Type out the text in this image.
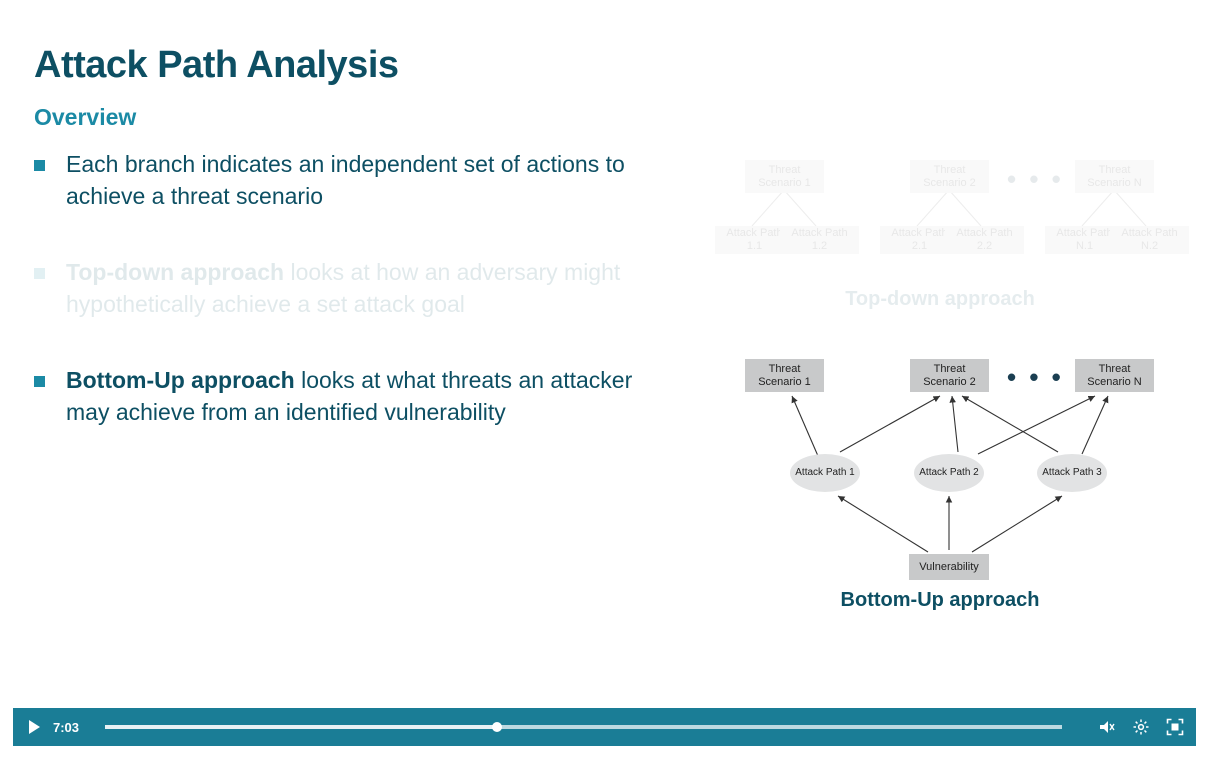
Attack Path Analysis
Overview
Each branch indicates an independent set of actions to achieve a threat scenario
Top-down approach looks at how an adversary might hypothetically achieve a set attack goal
Bottom-Up approach looks at what threats an attacker may achieve from an identified vulnerability
Threat Scenario 1
Threat Scenario 2
Threat Scenario N
• • •
Attack Path 1.1
Attack Path 1.2
Attack Path 2.1
Attack Path 2.2
Attack Path N.1
Attack Path N.2
Top-down approach
Threat Scenario 1
Threat Scenario 2
Threat Scenario N
• • •
Attack Path 1	Attack Path 2	Attack Path 3
Vulnerability
Bottom-Up approach
7:03
